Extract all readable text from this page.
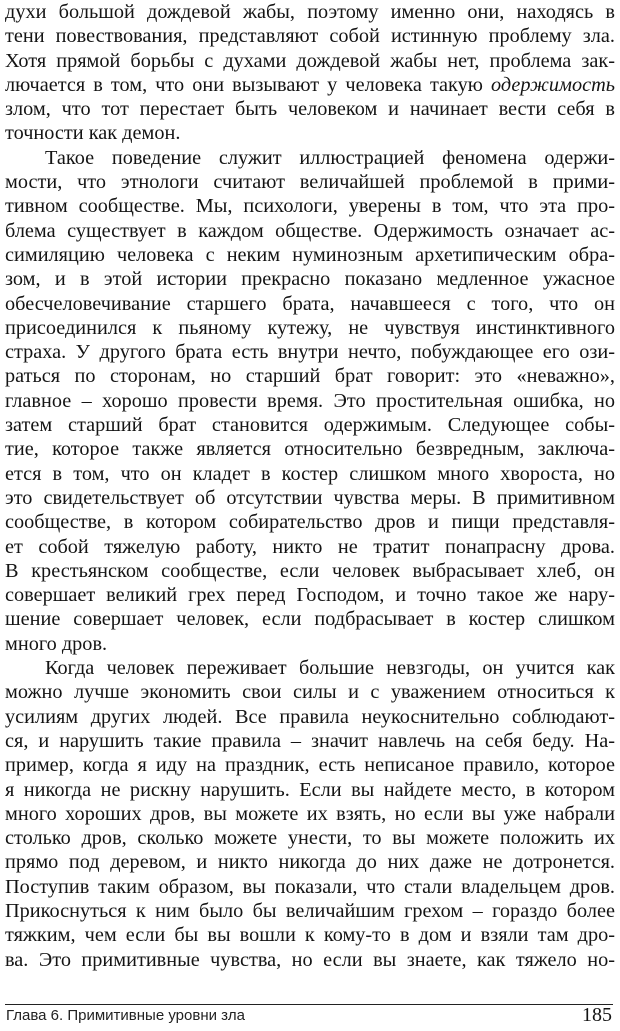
духи большой дождевой жабы, поэтому именно они, находясь в
тени повествования, представляют собой истинную проблему зла.
Хотя прямой борьбы с духами дождевой жабы нет, проблема зак-
лючается в том, что они вызывают у человека такую одержимость
злом, что тот перестает быть человеком и начинает вести себя в
точности как демон.

Такое поведение служит иллюстрацией феномена одержи-
мости, что этнологи считают величайшей проблемой в прими-
тивном сообществе. Мы, психологи, уверены в том, что эта про-
блема существует в каждом обществе. Одержимость означает ас-
симиляцию человека с неким нуминозным архетипическим обра-
зом, и в этой истории прекрасно показано медленное ужасное
обесчеловечивание старшего брата, начавшееся с того, что он
присоединился к пьяному кутежу, не чувствуя инстинктивного
страха. У другого брата есть внутри нечто, побуждающее его ози-
раться по сторонам, но старший брат говорит: это «неважно»,
главное – хорошо провести время. Это простительная ошибка, но
затем старший брат становится одержимым. Следующее собы-
тие, которое также является относительно безвредным, заключа-
ется в том, что он кладет в костер слишком много хвороста, но
это свидетельствует об отсутствии чувства меры. В примитивном
сообществе, в котором собирательство дров и пищи представля-
ет собой тяжелую работу, никто не тратит понапрасну дрова.
В крестьянском сообществе, если человек выбрасывает хлеб, он
совершает великий грех перед Господом, и точно такое же нару-
шение совершает человек, если подбрасывает в костер слишком
много дров.

Когда человек переживает большие невзгоды, он учится как
можно лучше экономить свои силы и с уважением относиться к
усилиям других людей. Все правила неукоснительно соблюдают-
ся, и нарушить такие правила – значит навлечь на себя беду. На-
пример, когда я иду на праздник, есть неписаное правило, которое
я никогда не рискну нарушить. Если вы найдете место, в котором
много хороших дров, вы можете их взять, но если вы уже набрали
столько дров, сколько можете унести, то вы можете положить их
прямо под деревом, и никто никогда до них даже не дотронется.
Поступив таким образом, вы показали, что стали владельцем дров.
Прикоснуться к ним было бы величайшим грехом – гораздо более
тяжким, чем если бы вы вошли к кому-то в дом и взяли там дро-
ва. Это примитивные чувства, но если вы знаете, как тяжело но-

Глава 6. Примитивные уровни зла	185
